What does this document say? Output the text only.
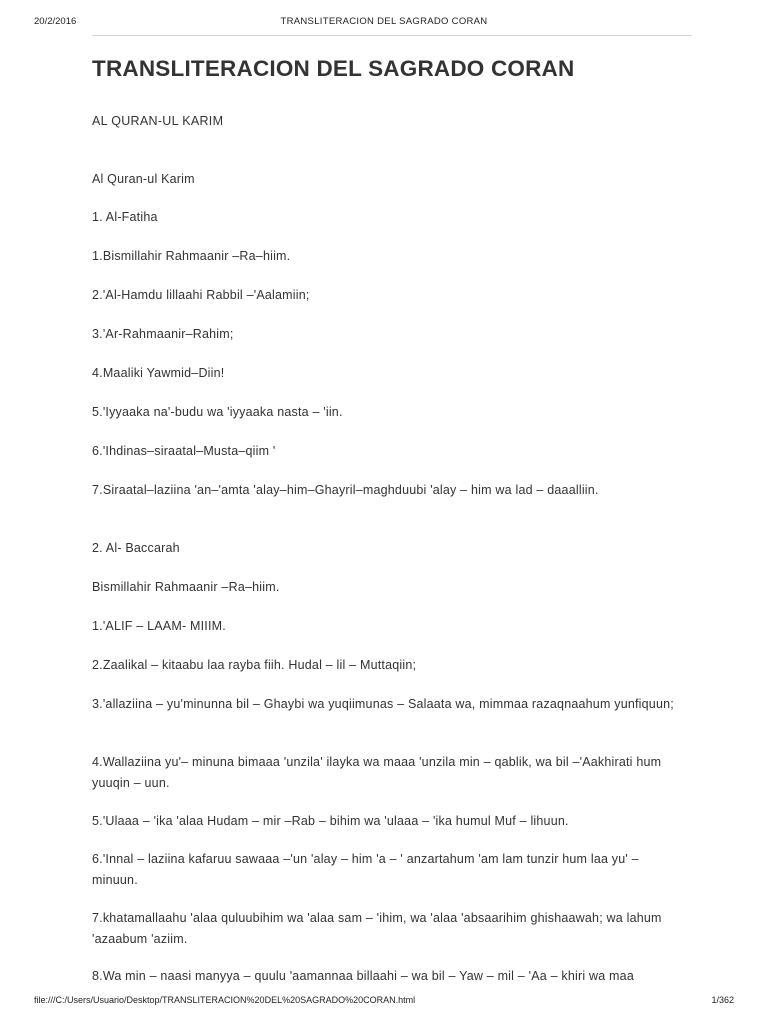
20/2/2016	TRANSLITERACION DEL SAGRADO CORAN
TRANSLITERACION DEL SAGRADO CORAN

AL QURAN-UL KARIM

Al Quran-ul Karim

1. Al-Fatiha

1.Bismillahir Rahmaanir –Ra–hiim.

2.'Al-Hamdu lillaahi Rabbil –'Aalamiin;

3.'Ar-Rahmaanir–Rahim;

4.Maaliki Yawmid–Diin!

5.'Iyyaaka na'-budu wa 'iyyaaka nasta – 'iin.

6.'Ihdinas–siraatal–Musta–qiim '

7.Siraatal–laziina 'an–'amta 'alay–him–Ghayril–maghduubi 'alay – him wa lad – daaalliin.

2. Al- Baccarah

Bismillahir Rahmaanir –Ra–hiim.

1.'ALIF – LAAM- MIIIM.

2.Zaalikal – kitaabu laa rayba fiih. Hudal – lil – Muttaqiin;

3.'allaziina – yu'minunna bil – Ghaybi wa yuqiimunas – Salaata wa, mimmaa razaqnaahum yunfiquun;

4.Wallaziina yu'– minuna bimaaa 'unzila' ilayka wa maaa 'unzila min – qablik, wa bil –'Aakhirati hum yuuqin – uun.

5.'Ulaaa – 'ika 'alaa Hudam – mir –Rab – bihim wa 'ulaaa – 'ika humul Muf – lihuun.

6.'Innal – laziina kafaruu sawaaa –'un 'alay – him 'a – ' anzartahum 'am lam tunzir hum laa yu' – minuun.

7.khatamallaahu 'alaa quluubihim wa 'alaa sam – 'ihim, wa 'alaa 'absaarihim ghishaawah; wa lahum 'azaabum 'aziim.

8.Wa min – naasi manyya – quulu 'aamannaa billaahi – wa bil – Yaw – mil – 'Aa – khiri wa maa

file:///C:/Users/Usuario/Desktop/TRANSLITERACION%20DEL%20SAGRADO%20CORAN.html	1/362
